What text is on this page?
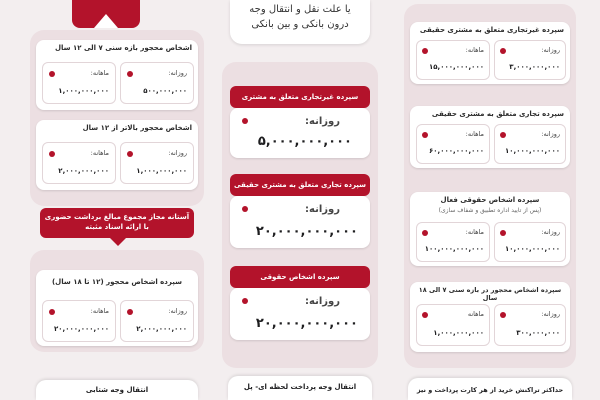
اشخاص محجور بازه سنی ۷ الی ۱۲ سال
روزانه:
۵۰۰,۰۰۰,۰۰۰
ماهانه:
۱,۰۰۰,۰۰۰,۰۰۰
اشخاص محجور بالاتر از ۱۲ سال
روزانه:
۱,۰۰۰,۰۰۰,۰۰۰
ماهانه:
۲,۰۰۰,۰۰۰,۰۰۰
آستانه مجاز مجموع مبالغ برداشت حضوری
با ارائه اسناد مثبته
سپرده اشخاص محجور (۱۲ تا ۱۸ سال)
روزانه:
۲,۰۰۰,۰۰۰,۰۰۰
ماهانه:
۲۰,۰۰۰,۰۰۰,۰۰۰
انتقال وجه شتابی
یا علت نقل و انتقال وجه
درون بانکی و بین بانکی
سپرده غیرتجاری متعلق به مشتری
روزانه:
۵,۰۰۰,۰۰۰,۰۰۰
سپرده تجاری متعلق به مشتری حقیقی
روزانه:
۲۰,۰۰۰,۰۰۰,۰۰۰
سپرده اشخاص حقوقی
روزانه:
۲۰,۰۰۰,۰۰۰,۰۰۰
انتقال وجه پرداخت لحظه ای- پل
سپرده غیرتجاری متعلق به مشتری حقیقی
روزانه:
۳,۰۰۰,۰۰۰,۰۰۰
ماهانه:
۱۵,۰۰۰,۰۰۰,۰۰۰
سپرده تجاری متعلق به مشتری حقیقی
روزانه:
۱۰,۰۰۰,۰۰۰,۰۰۰
ماهانه:
۶۰,۰۰۰,۰۰۰,۰۰۰
سپرده اشخاص حقوقی فعال
(پس از تایید اداره تطبیق و شفاف سازی)
روزانه:
۱۰,۰۰۰,۰۰۰,۰۰۰
ماهانه:
۱۰۰,۰۰۰,۰۰۰,۰۰۰
سپرده اشخاص محجور در بازه سنی ۷ الی ۱۸ سال
روزانه:
۳۰۰,۰۰۰,۰۰۰
ماهانه
۱,۰۰۰,۰۰۰,۰۰۰
حداکثر تراکنش خرید از هر کارت پرداخت و نیز
